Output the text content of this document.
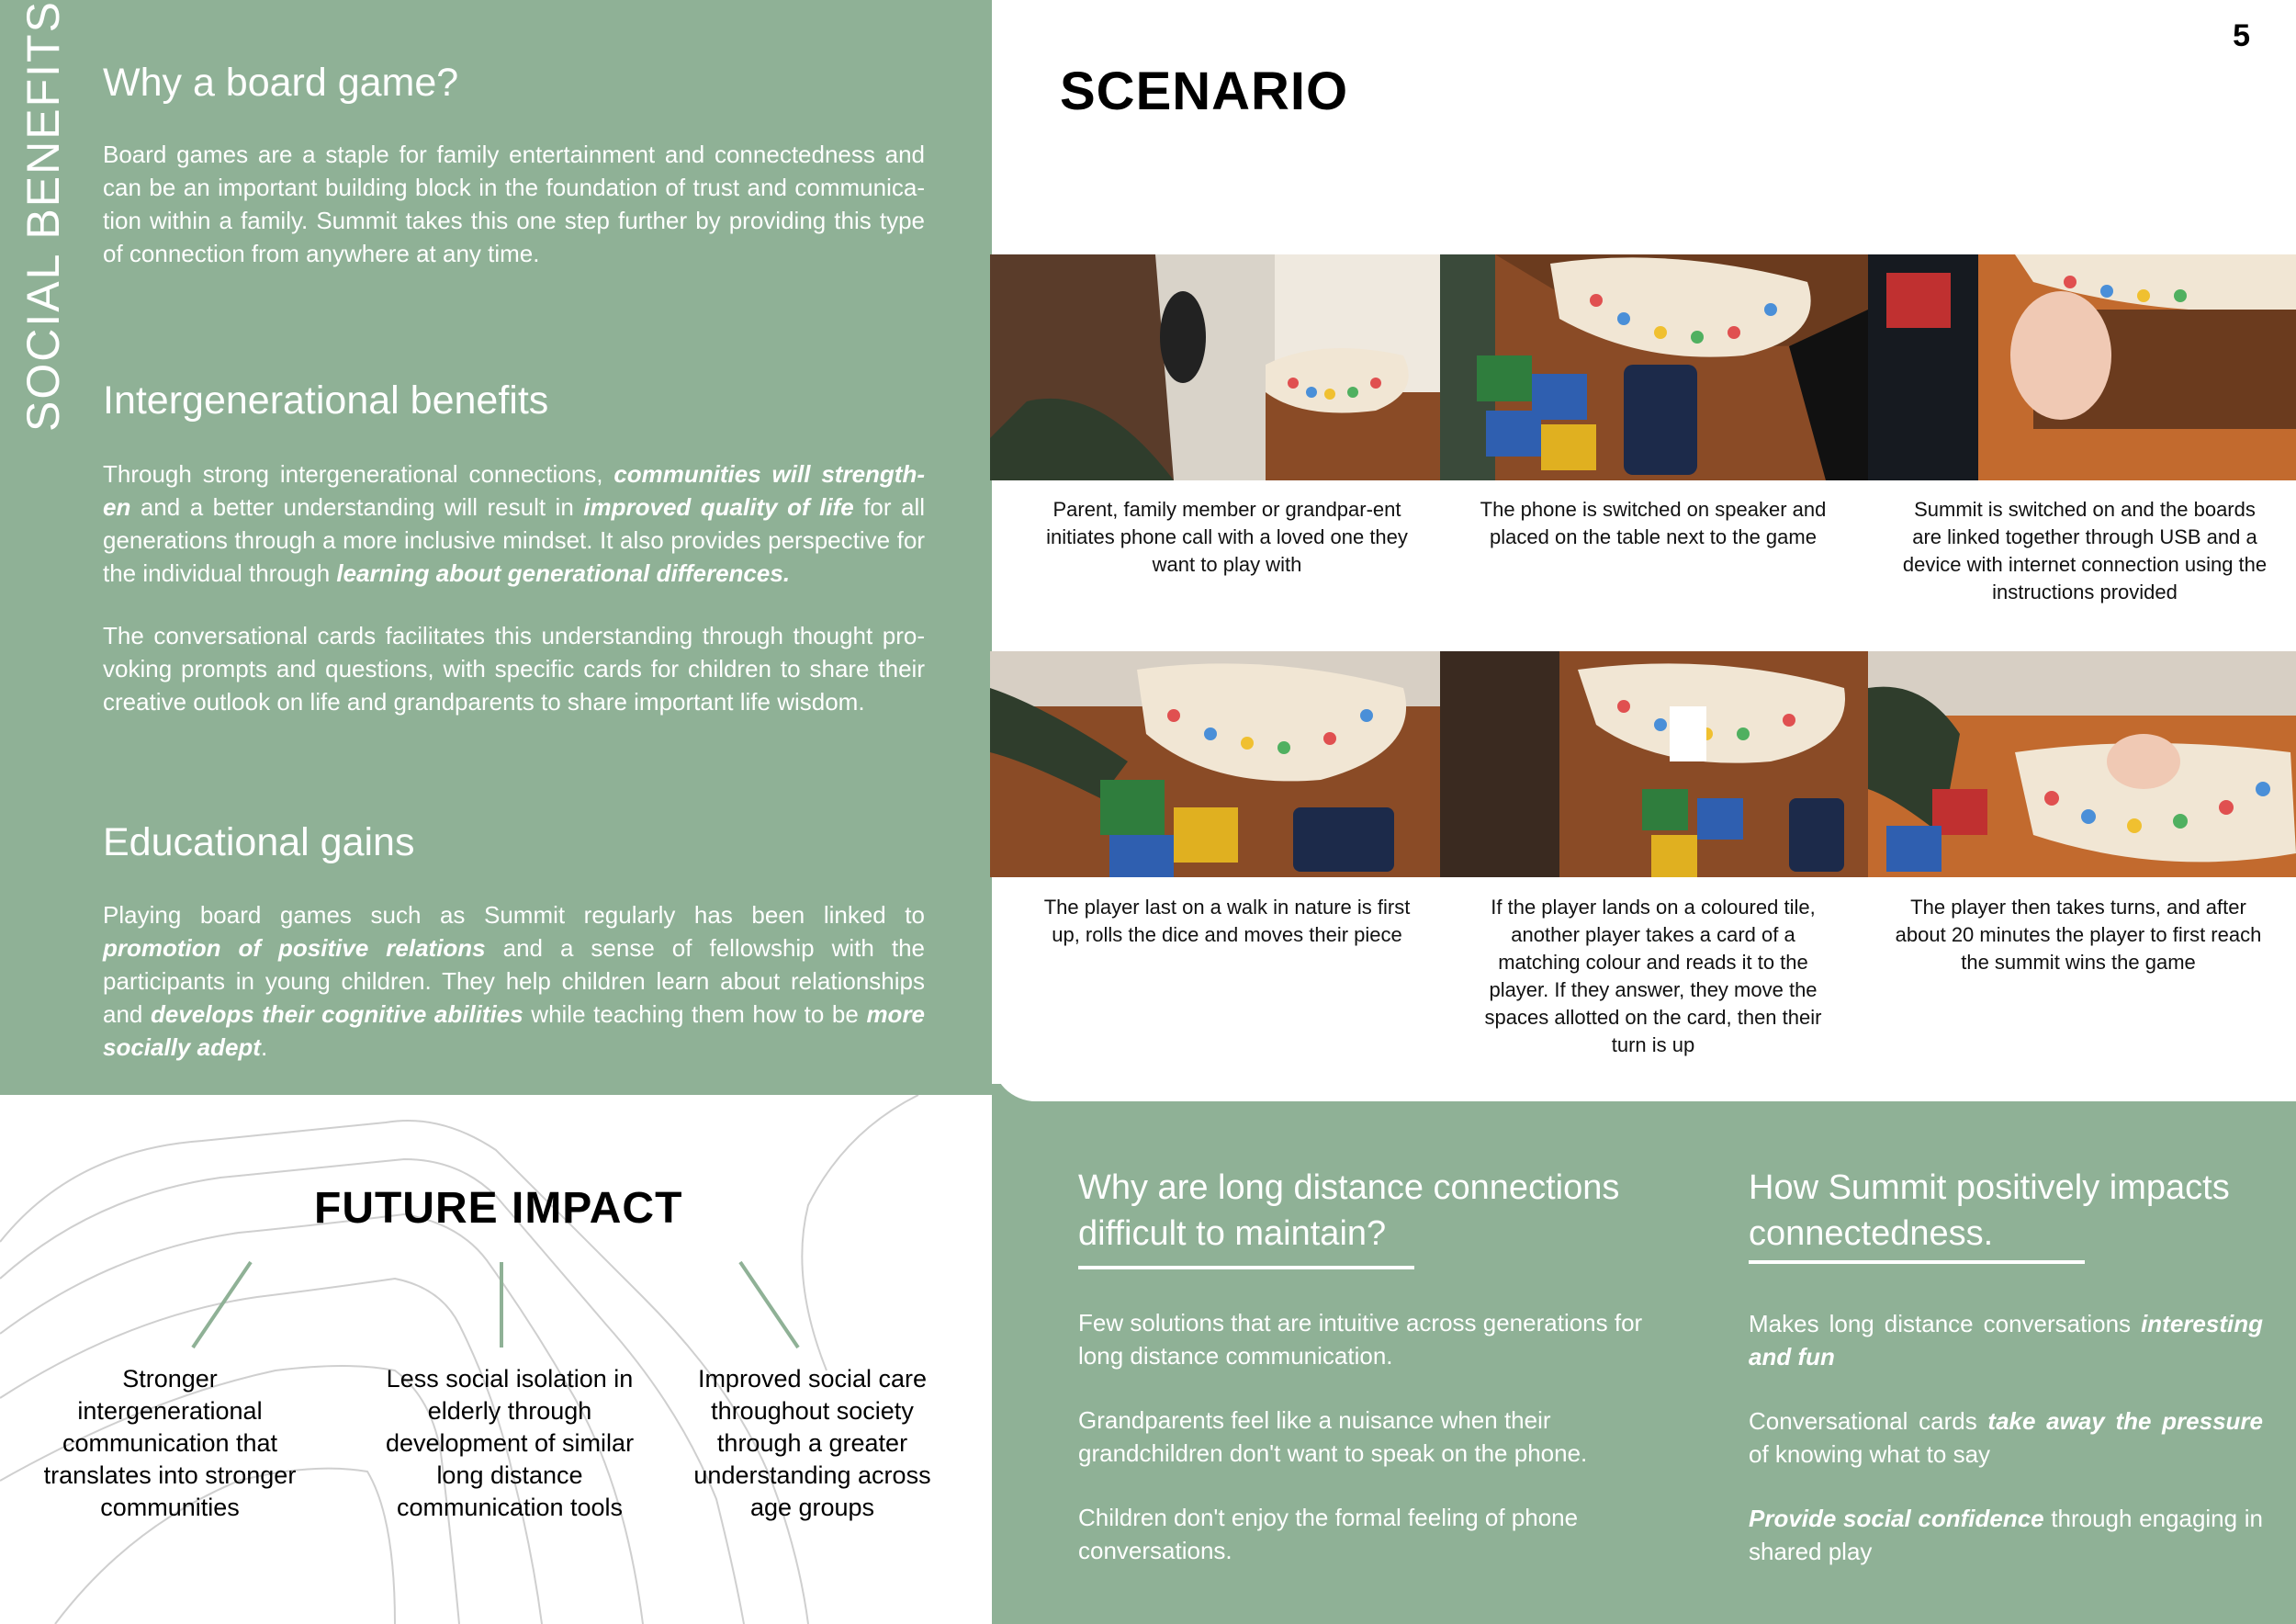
SOCIAL BENEFITS Why a board game?

Board games are a staple for family entertainment and connectedness and can be an important building block in the foundation of trust and communica-tion within a family. Summit takes this one step further by providing this type of connection from anywhere at any time.

Intergenerational benefits

Through strong intergenerational connections, communities will strength-en and a better understanding will result in improved quality of life for all generations through a more inclusive mindset. It also provides perspective for the individual through learning about generational differences.

The conversational cards facilitates this understanding through thought pro-voking prompts and questions, with specific cards for children to share their creative outlook on life and grandparents to share important life wisdom.

Educational gains

Playing board games such as Summit regularly has been linked to promotion of positive relations and a sense of fellowship with the participants in young children. They help children learn about relationships and develops their cognitive abilities while teaching them how to be more socially adept.

5
SCENARIO
Parent, family member or grandpar-ent initiates phone call with a loved one they want to play with
The phone is switched on speaker and placed on the table next to the game
Summit is switched on and the boards are linked together through USB and a device with internet connection using the instructions provided
The player last on a walk in nature is first up, rolls the dice and moves their piece
If the player lands on a coloured tile, another player takes a card of a matching colour and reads it to the player. If they answer, they move the spaces allotted on the card, then their turn is up
The player then takes turns, and after about 20 minutes the player to first reach the summit wins the game
FUTURE IMPACT
Stronger intergenerational communication that translates into stronger communities
Less social isolation in elderly through development of similar long distance communication tools
Improved social care throughout society through a greater understanding across age groups
Why are long distance connections
difficult to maintain?

Few solutions that are intuitive across generations for long distance communication.

Grandparents feel like a nuisance when their grandchildren don't want to speak on the phone.

Children don't enjoy the formal feeling of phone conversations.

How Summit positively impacts
connectedness.

Makes long distance conversations interesting and fun

Conversational cards take away the pressure of knowing what to say

Provide social confidence through engaging in shared play
